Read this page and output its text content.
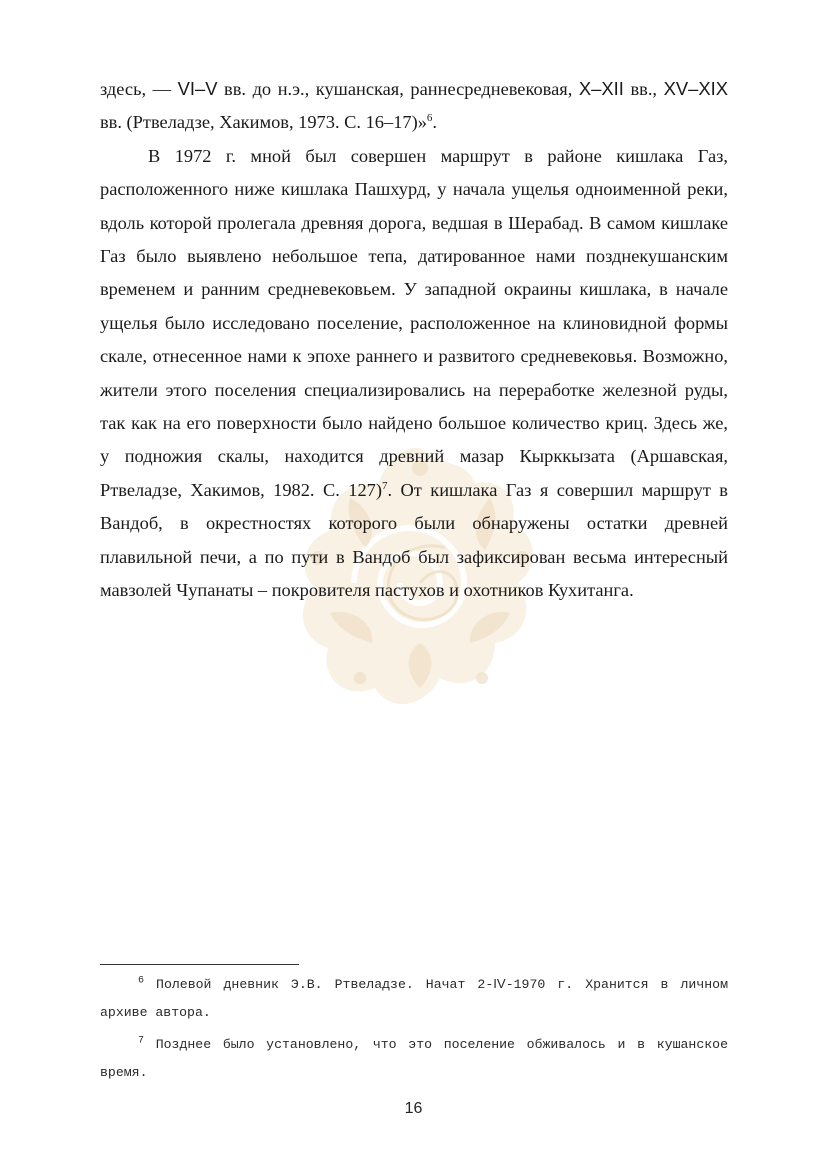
здесь, — VI–V вв. до н.э., кушанская, раннесредневековая, X–XII вв., XV–XIX вв. (Ртвеладзе, Хакимов, 1973. С. 16–17)»$^6$.

В 1972 г. мной был совершен маршрут в районе кишлака Газ, расположенного ниже кишлака Пашхурд, у начала ущелья одноименной реки, вдоль которой пролегала древняя дорога, ведшая в Шерабад. В самом кишлаке Газ было выявлено небольшое тепа, датированное нами позднекушанским временем и ранним средневековьем. У западной окраины кишлака, в начале ущелья было исследовано поселение, расположенное на клиновидной формы скале, отнесенное нами к эпохе раннего и развитого средневековья. Возможно, жители этого поселения специализировались на переработке железной руды, так как на его поверхности было найдено большое количество криц. Здесь же, у подножия скалы, находится древний мазар Кырккызата (Аршавская, Ртвеладзе, Хакимов, 1982. С. 127)$^7$. От кишлака Газ я совершил маршрут в Вандоб, в окрестностях которого были обнаружены остатки древней плавильной печи, а по пути в Вандоб был зафиксирован весьма интересный мавзолей Чупанаты – покровителя пастухов и охотников Кухитанга.

$^6$ Полевой дневник Э.В. Ртвеладзе. Начат 2-IV-1970 г. Хранится в личном архиве автора.

$^7$ Позднее было установлено, что это поселение обживалось и в кушанское время.

16
